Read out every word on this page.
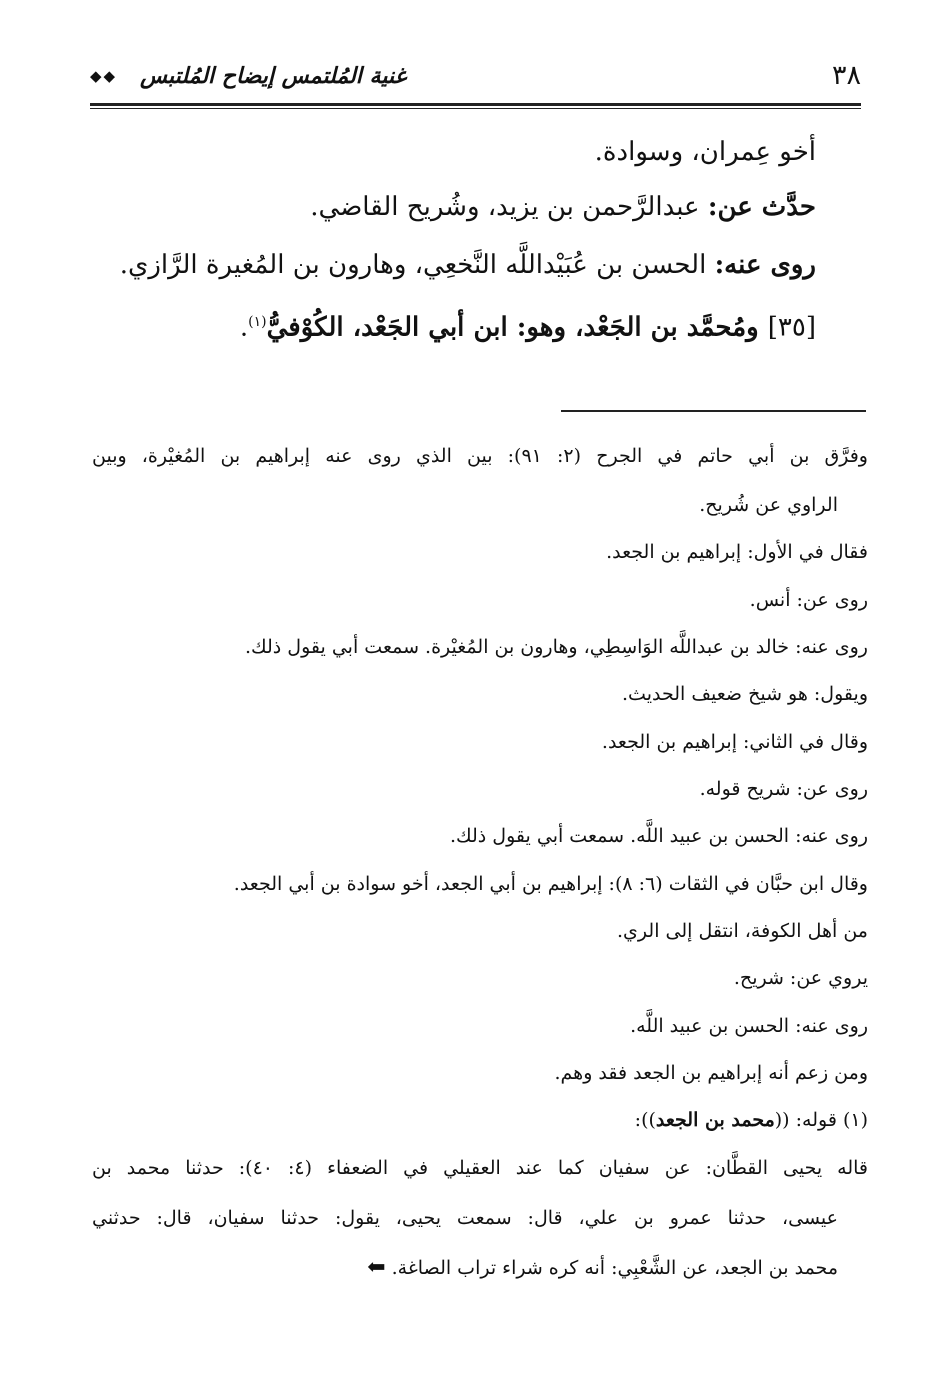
٣٨
غنية المُلتمس إيضاح المُلتبس
◆◆
أخو عِمران، وسوادة.
حدَّث عن: عبدالرَّحمن بن يزيد، وشُريح القاضي.
روى عنه: الحسن بن عُبَيْداللَّه النَّخعِي، وهارون بن المُغيرة الرَّازي.
[٣٥] ومُحمَّد بن الجَعْد، وهو: ابن أبي الجَعْد، الكُوْفيُّ$^{(١)}$.
وفرَّق بن أبي حاتم في الجرح (٢: ٩١): بين الذي روى عنه إبراهيم بن المُغيْرة، وبين
الراوي عن شُريح.
فقال في الأول: إبراهيم بن الجعد.
روى عن: أنس.
روى عنه: خالد بن عبداللَّه الوَاسِطِي، وهارون بن المُغيْرة. سمعت أبي يقول ذلك.
ويقول: هو شيخ ضعيف الحديث.
وقال في الثاني: إبراهيم بن الجعد.
روى عن: شريح قوله.
روى عنه: الحسن بن عبيد اللَّه. سمعت أبي يقول ذلك.
وقال ابن حبَّان في الثقات (٦: ٨): إبراهيم بن أبي الجعد، أخو سوادة بن أبي الجعد.
من أهل الكوفة، انتقل إلى الري.
يروي عن: شريح.
روى عنه: الحسن بن عبيد اللَّه.
ومن زعم أنه إبراهيم بن الجعد فقد وهم.
(١) قوله: ((محمد بن الجعد)):
قاله يحيى القطَّان: عن سفيان كما عند العقيلي في الضعفاء (٤: ٤٠): حدثنا محمد بن
عيسى، حدثنا عمرو بن علي، قال: سمعت يحيى، يقول: حدثنا سفيان، قال: حدثني
محمد بن الجعد، عن الشَّعْبِي: أنه كره شراء تراب الصاغة. ⬅
